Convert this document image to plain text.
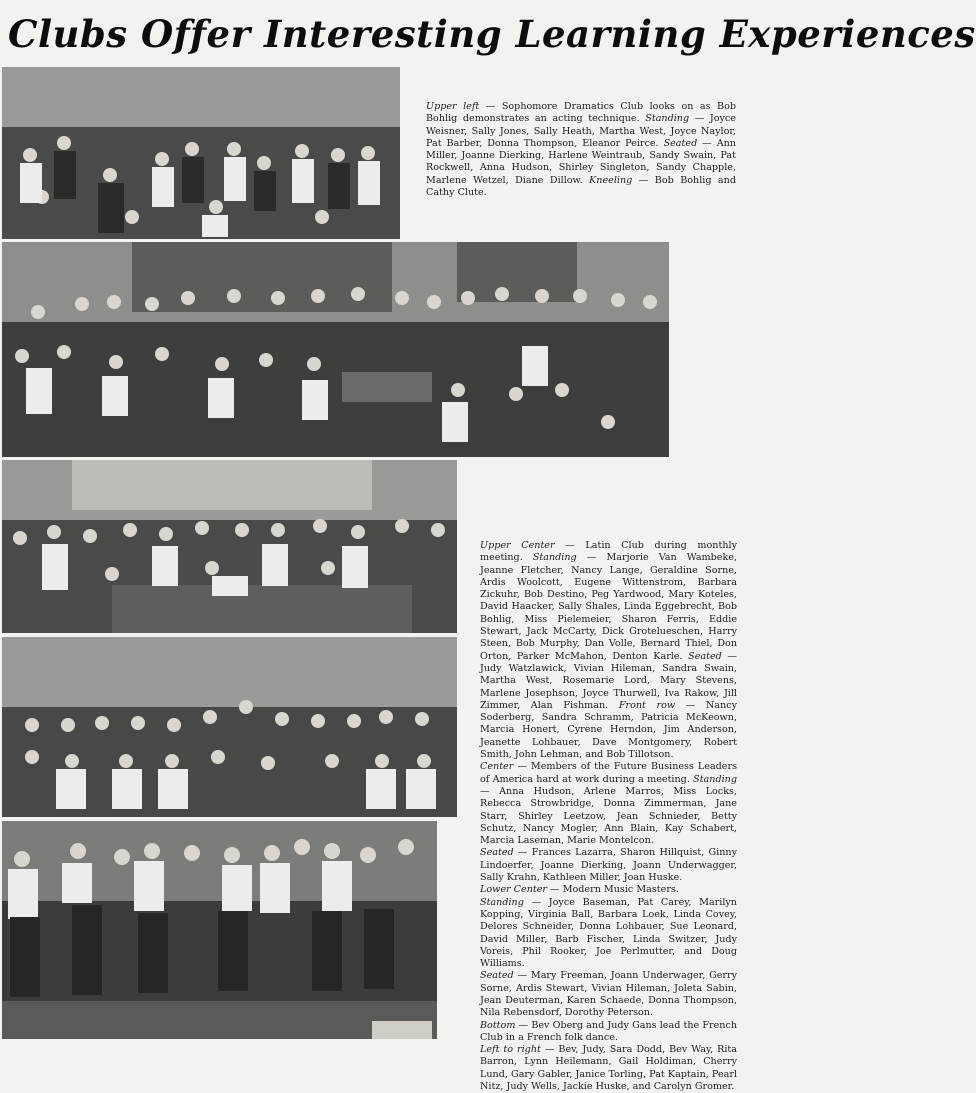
Clubs Offer Interesting Learning Experiences

Upper left — Sophomore Dramatics Club looks on as Bob Bohlig demonstrates an acting technique. Standing — Joyce Weisner, Sally Jones, Sally Heath, Martha West, Joyce Naylor, Pat Barber, Donna Thompson, Eleanor Peirce. Seated — Ann Miller, Joanne Dierking, Harlene Weintraub, Sandy Swain, Pat Rockwell, Anna Hudson, Shirley Singleton, Sandy Chapple, Marlene Wetzel, Diane Dillow. Kneeling — Bob Bohlig and Cathy Clute.

Upper Center — Latin Club during monthly meeting. Standing — Marjorie Van Wambeke, Jeanne Fletcher, Nancy Lange, Geraldine Sorne, Ardis Woolcott, Eugene Wittenstrom, Barbara Zickuhr, Bob Destino, Peg Yardwood, Mary Koteles, David Haacker, Sally Shales, Linda Eggebrecht, Bob Bohlig, Miss Pielemeier, Sharon Ferris, Eddie Stewart, Jack McCarty, Dick Grotelueschen, Harry Steen, Bob Murphy, Dan Volle, Bernard Thiel, Don Orton, Parker McMahon, Denton Karle. Seated — Judy Watzlawick, Vivian Hileman, Sandra Swain, Martha West, Rosemarie Lord, Mary Stevens, Marlene Josephson, Joyce Thurwell, Iva Rakow, Jill Zimmer, Alan Fishman. Front row — Nancy Soderberg, Sandra Schramm, Patricia McKeown, Marcia Honert, Cyrene Herndon, Jim Anderson, Jeanette Lohbauer, Dave Montgomery, Robert Smith, John Lehman, and Bob Tillotson.

Center — Members of the Future Business Leaders of America hard at work during a meeting. Standing — Anna Hudson, Arlene Marros, Miss Locks, Rebecca Strowbridge, Donna Zimmerman, Jane Starr, Shirley Leetzow, Jean Schnieder, Betty Schutz, Nancy Mogler, Ann Blain, Kay Schabert, Marcia Laseman, Marie Montelcon.

Seated — Frances Lazarra, Sharon Hillquist, Ginny Lindoerfer, Joanne Dierking, Joann Underwagger, Sally Krahn, Kathleen Miller, Joan Huske.

Lower Center — Modern Music Masters.

Standing — Joyce Baseman, Pat Carey, Marilyn Kopping, Virginia Ball, Barbara Loek, Linda Covey, Delores Schneider, Donna Lohbauer, Sue Leonard, David Miller, Barb Fischer, Linda Switzer, Judy Voreis, Phil Rooker, Joe Perlmutter, and Doug Williams.

Seated — Mary Freeman, Joann Underwager, Gerry Sorne, Ardis Stewart, Vivian Hileman, Joleta Sabin, Jean Deuterman, Karen Schaede, Donna Thompson, Nila Rebensdorf, Dorothy Peterson.

Bottom — Bev Oberg and Judy Gans lead the French Club in a French folk dance.

Left to right — Bev, Judy, Sara Dodd, Bev Way, Rita Barron, Lynn Heilemann, Gail Holdiman, Cherry Lund, Gary Gabler, Janice Torling, Pat Kaptain, Pearl Nitz, Judy Wells, Jackie Huske, and Carolyn Gromer.
